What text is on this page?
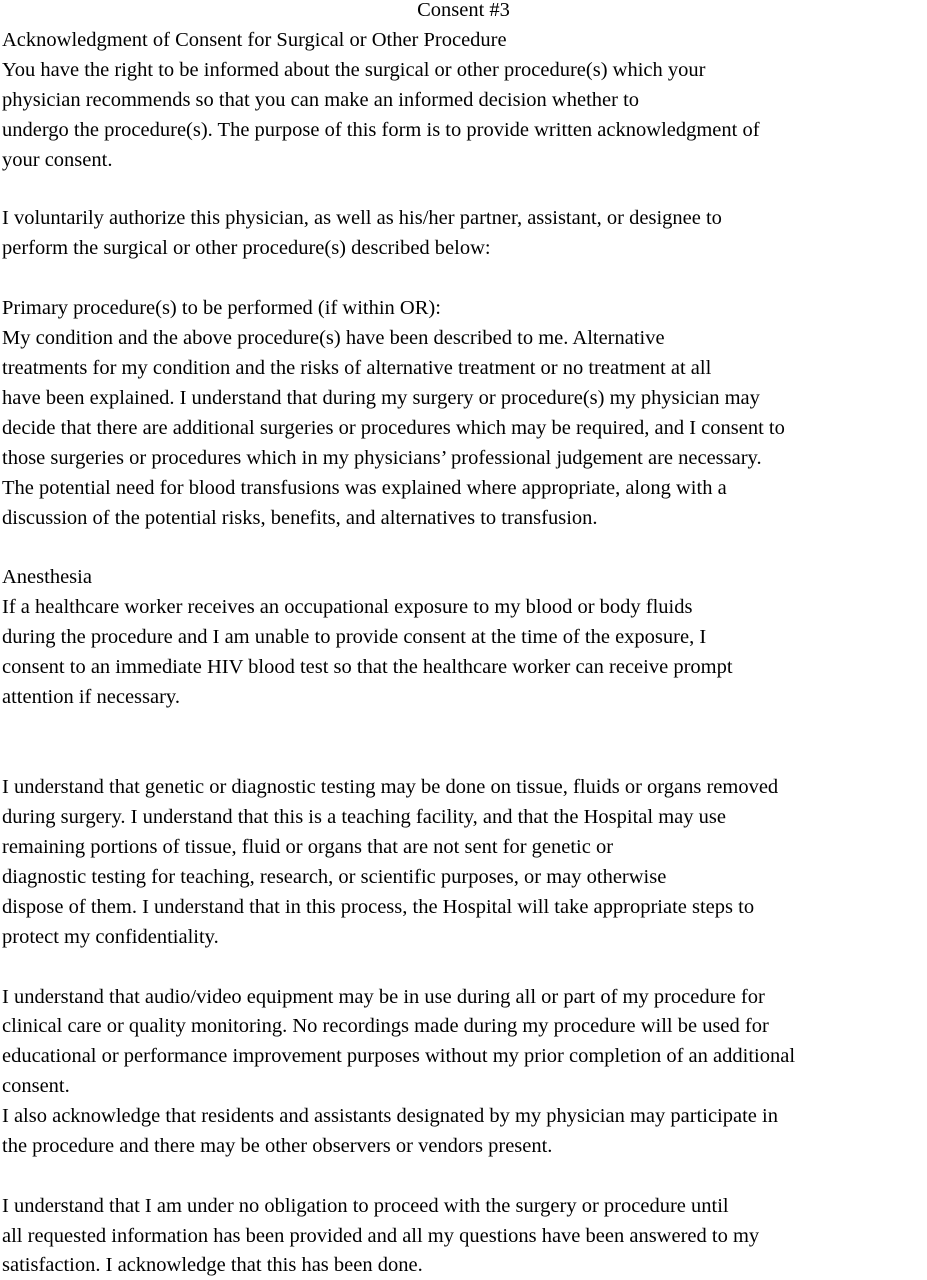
Consent #3
Acknowledgment of Consent for Surgical or Other Procedure
You have the right to be informed about the surgical or other procedure(s) which your
physician recommends so that you can make an informed decision whether to
undergo the procedure(s). The purpose of this form is to provide written acknowledgment of
your consent.
I voluntarily authorize this physician, as well as his/her partner, assistant, or designee to
perform the surgical or other procedure(s) described below:
Primary procedure(s) to be performed (if within OR):
My condition and the above procedure(s) have been described to me. Alternative
treatments for my condition and the risks of alternative treatment or no treatment at all
have been explained. I understand that during my surgery or procedure(s) my physician may
decide that there are additional surgeries or procedures which may be required, and I consent to
those surgeries or procedures which in my physicians’ professional judgement are necessary.
The potential need for blood transfusions was explained where appropriate, along with a
discussion of the potential risks, benefits, and alternatives to transfusion.
Anesthesia
If a healthcare worker receives an occupational exposure to my blood or body fluids
during the procedure and I am unable to provide consent at the time of the exposure, I
consent to an immediate HIV blood test so that the healthcare worker can receive prompt
attention if necessary.
I understand that genetic or diagnostic testing may be done on tissue, fluids or organs removed
during surgery. I understand that this is a teaching facility, and that the Hospital may use
remaining portions of tissue, fluid or organs that are not sent for genetic or
diagnostic testing for teaching, research, or scientific purposes, or may otherwise
dispose of them. I understand that in this process, the Hospital will take appropriate steps to
protect my confidentiality.
I understand that audio/video equipment may be in use during all or part of my procedure for
clinical care or quality monitoring. No recordings made during my procedure will be used for
educational or performance improvement purposes without my prior completion of an additional
consent.
I also acknowledge that residents and assistants designated by my physician may participate in
the procedure and there may be other observers or vendors present.
I understand that I am under no obligation to proceed with the surgery or procedure until
all requested information has been provided and all my questions have been answered to my
satisfaction. I acknowledge that this has been done.
